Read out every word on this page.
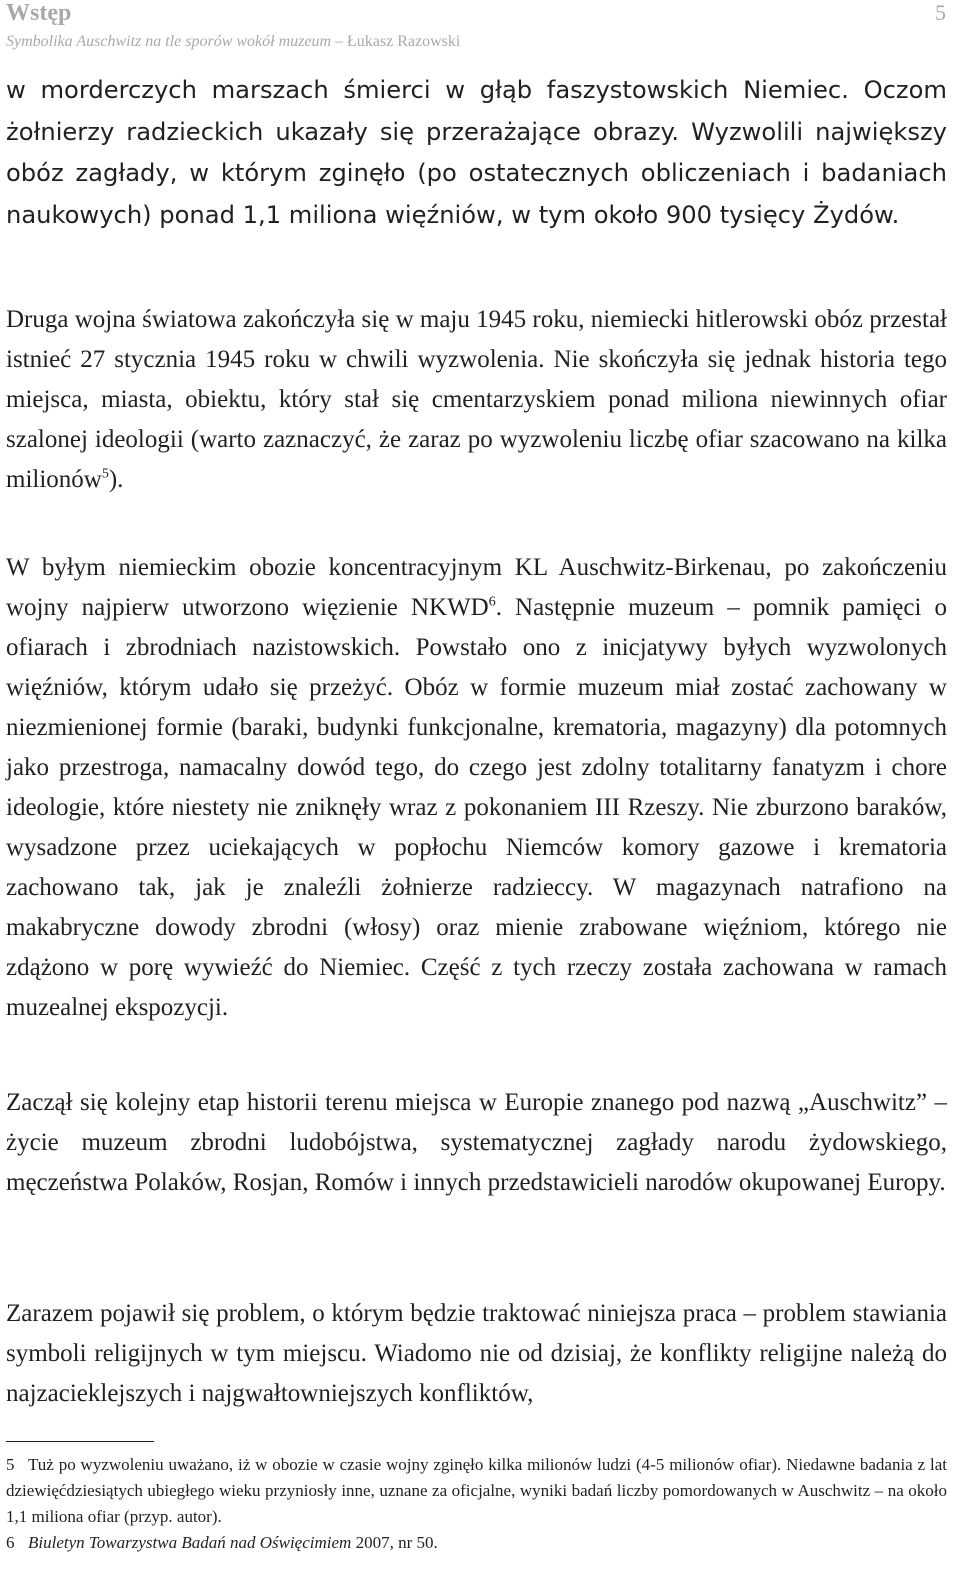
Wstęp	5
Symbolika Auschwitz na tle sporów wokół muzeum – Łukasz Razowski

w morderczych marszach śmierci w głąb faszystowskich Niemiec. Oczom żołnierzy radzieckich ukazały się przerażające obrazy. Wyzwolili największy obóz zagłady, w którym zginęło (po ostatecznych obliczeniach i badaniach naukowych) ponad 1,1 miliona więźniów, w tym około 900 tysięcy Żydów.

Druga wojna światowa zakończyła się w maju 1945 roku, niemiecki hitlerowski obóz przestał istnieć 27 stycznia 1945 roku w chwili wyzwolenia. Nie skończyła się jednak historia tego miejsca, miasta, obiektu, który stał się cmentarzyskiem ponad miliona niewinnych ofiar szalonej ideologii (warto zaznaczyć, że zaraz po wyzwoleniu liczbę ofiar szacowano na kilka milionów$^5$).

W byłym niemieckim obozie koncentracyjnym KL Auschwitz-Birkenau, po zakończeniu wojny najpierw utworzono więzienie NKWD$^6$. Następnie muzeum – pomnik pamięci o ofiarach i zbrodniach nazistowskich. Powstało ono z inicjatywy byłych wyzwolonych więźniów, którym udało się przeżyć. Obóz w formie muzeum miał zostać zachowany w niezmienionej formie (baraki, budynki funkcjonalne, krematoria, magazyny) dla potomnych jako przestroga, namacalny dowód tego, do czego jest zdolny totalitarny fanatyzm i chore ideologie, które niestety nie zniknęły wraz z pokonaniem III Rzeszy. Nie zburzono baraków, wysadzone przez uciekających w popłochu Niemców komory gazowe i krematoria zachowano tak, jak je znaleźli żołnierze radzieccy. W magazynach natrafiono na makabryczne dowody zbrodni (włosy) oraz mienie zrabowane więźniom, którego nie zdążono w porę wywieźć do Niemiec. Część z tych rzeczy została zachowana w ramach muzealnej ekspozycji.

Zaczął się kolejny etap historii terenu miejsca w Europie znanego pod nazwą „Auschwitz” – życie muzeum zbrodni ludobójstwa, systematycznej zagłady narodu żydowskiego, męczeństwa Polaków, Rosjan, Romów i innych przedstawicieli narodów okupowanej Europy.

Zarazem pojawił się problem, o którym będzie traktować niniejsza praca – problem stawiania symboli religijnych w tym miejscu. Wiadomo nie od dzisiaj, że konflikty religijne należą do najzacieklejszych i najgwałtowniejszych konfliktów,

5 Tuż po wyzwoleniu uważano, iż w obozie w czasie wojny zginęło kilka milionów ludzi (4-5 milionów ofiar). Niedawne badania z lat dziewięćdziesiątych ubiegłego wieku przyniosły inne, uznane za oficjalne, wyniki badań liczby pomordowanych w Auschwitz – na około 1,1 miliona ofiar (przyp. autor).

6 Biuletyn Towarzystwa Badań nad Oświęcimiem 2007, nr 50.
